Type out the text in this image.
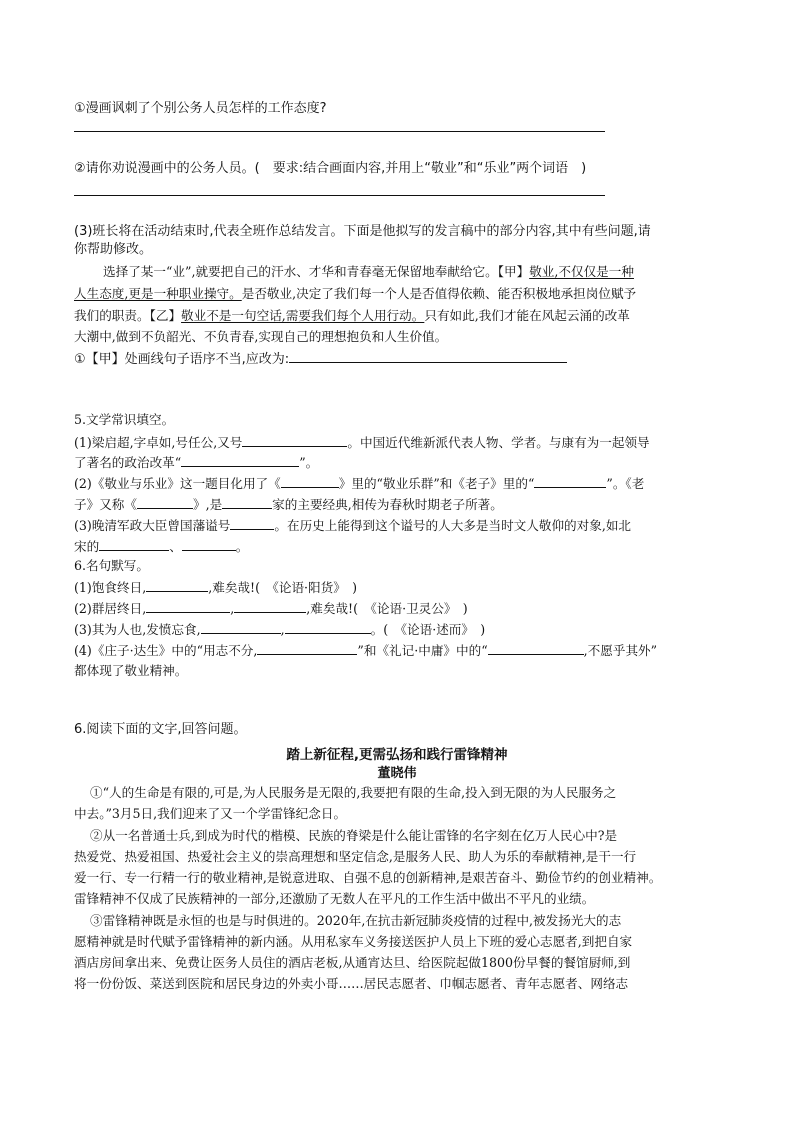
①漫画讽刺了个别公务人员怎样的工作态度?
②请你劝说漫画中的公务人员。(　要求:结合画面内容,并用上“敬业”和“乐业”两个词语　)
(3)班长将在活动结束时,代表全班作总结发言。下面是他拟写的发言稿中的部分内容,其中有些问题,请
你帮助修改。
选择了某一“业”,就要把自己的汗水、才华和青春毫无保留地奉献给它。【甲】敬业,不仅仅是一种
人生态度,更是一种职业操守。是否敬业,决定了我们每一个人是否值得依赖、能否积极地承担岗位赋予
我们的职责。【乙】敬业不是一句空话,需要我们每个人用行动。只有如此,我们才能在风起云涌的改革
大潮中,做到不负韶光、不负青春,实现自己的理想抱负和人生价值。
①【甲】处画线句子语序不当,应改为:
5.文学常识填空。
(1)梁启超,字卓如,号任公,又号	。中国近代维新派代表人物、学者。与康有为一起领导
了著名的政治改革“	”。
(2)《敬业与乐业》这一题目化用了《	》里的“敬业乐群”和《老子》里的“	”。《老
子》又称《	》,是	家的主要经典,相传为春秋时期老子所著。
(3)晚清军政大臣曾国藩谥号	。在历史上能得到这个谥号的人大多是当时文人敬仰的对象,如北
宋的	、	。
6.名句默写。
(1)饱食终日,	,难矣哉!(　《论语·阳货》　)
(2)群居终日,	,	,难矣哉!(　《论语·卫灵公》　)
(3)其为人也,发愤忘食,	,	。(　《论语·述而》　)
(4)《庄子·达生》中的“用志不分,	”和《礼记·中庸》中的“	,不愿乎其外”
都体现了敬业精神。
6.阅读下面的文字,回答问题。
踏上新征程,更需弘扬和践行雷锋精神
董晓伟
①“人的生命是有限的,可是,为人民服务是无限的,我要把有限的生命,投入到无限的为人民服务之
中去。”3月5日,我们迎来了又一个学雷锋纪念日。
②从一名普通士兵,到成为时代的楷模、民族的脊梁是什么能让雷锋的名字刻在亿万人民心中?是
热爱党、热爱祖国、热爱社会主义的崇高理想和坚定信念,是服务人民、助人为乐的奉献精神,是干一行
爱一行、专一行精一行的敬业精神,是锐意进取、自强不息的创新精神,是艰苦奋斗、勤俭节约的创业精神。
雷锋精神不仅成了民族精神的一部分,还激励了无数人在平凡的工作生活中做出不平凡的业绩。
③雷锋精神既是永恒的也是与时俱进的。2020年,在抗击新冠肺炎疫情的过程中,被发扬光大的志
愿精神就是时代赋予雷锋精神的新内涵。从用私家车义务接送医护人员上下班的爱心志愿者,到把自家
酒店房间拿出来、免费让医务人员住的酒店老板,从通宵达旦、给医院起做1800份早餐的餐馆厨师,到
将一份份饭、菜送到医院和居民身边的外卖小哥……居民志愿者、巾帼志愿者、青年志愿者、网络志
